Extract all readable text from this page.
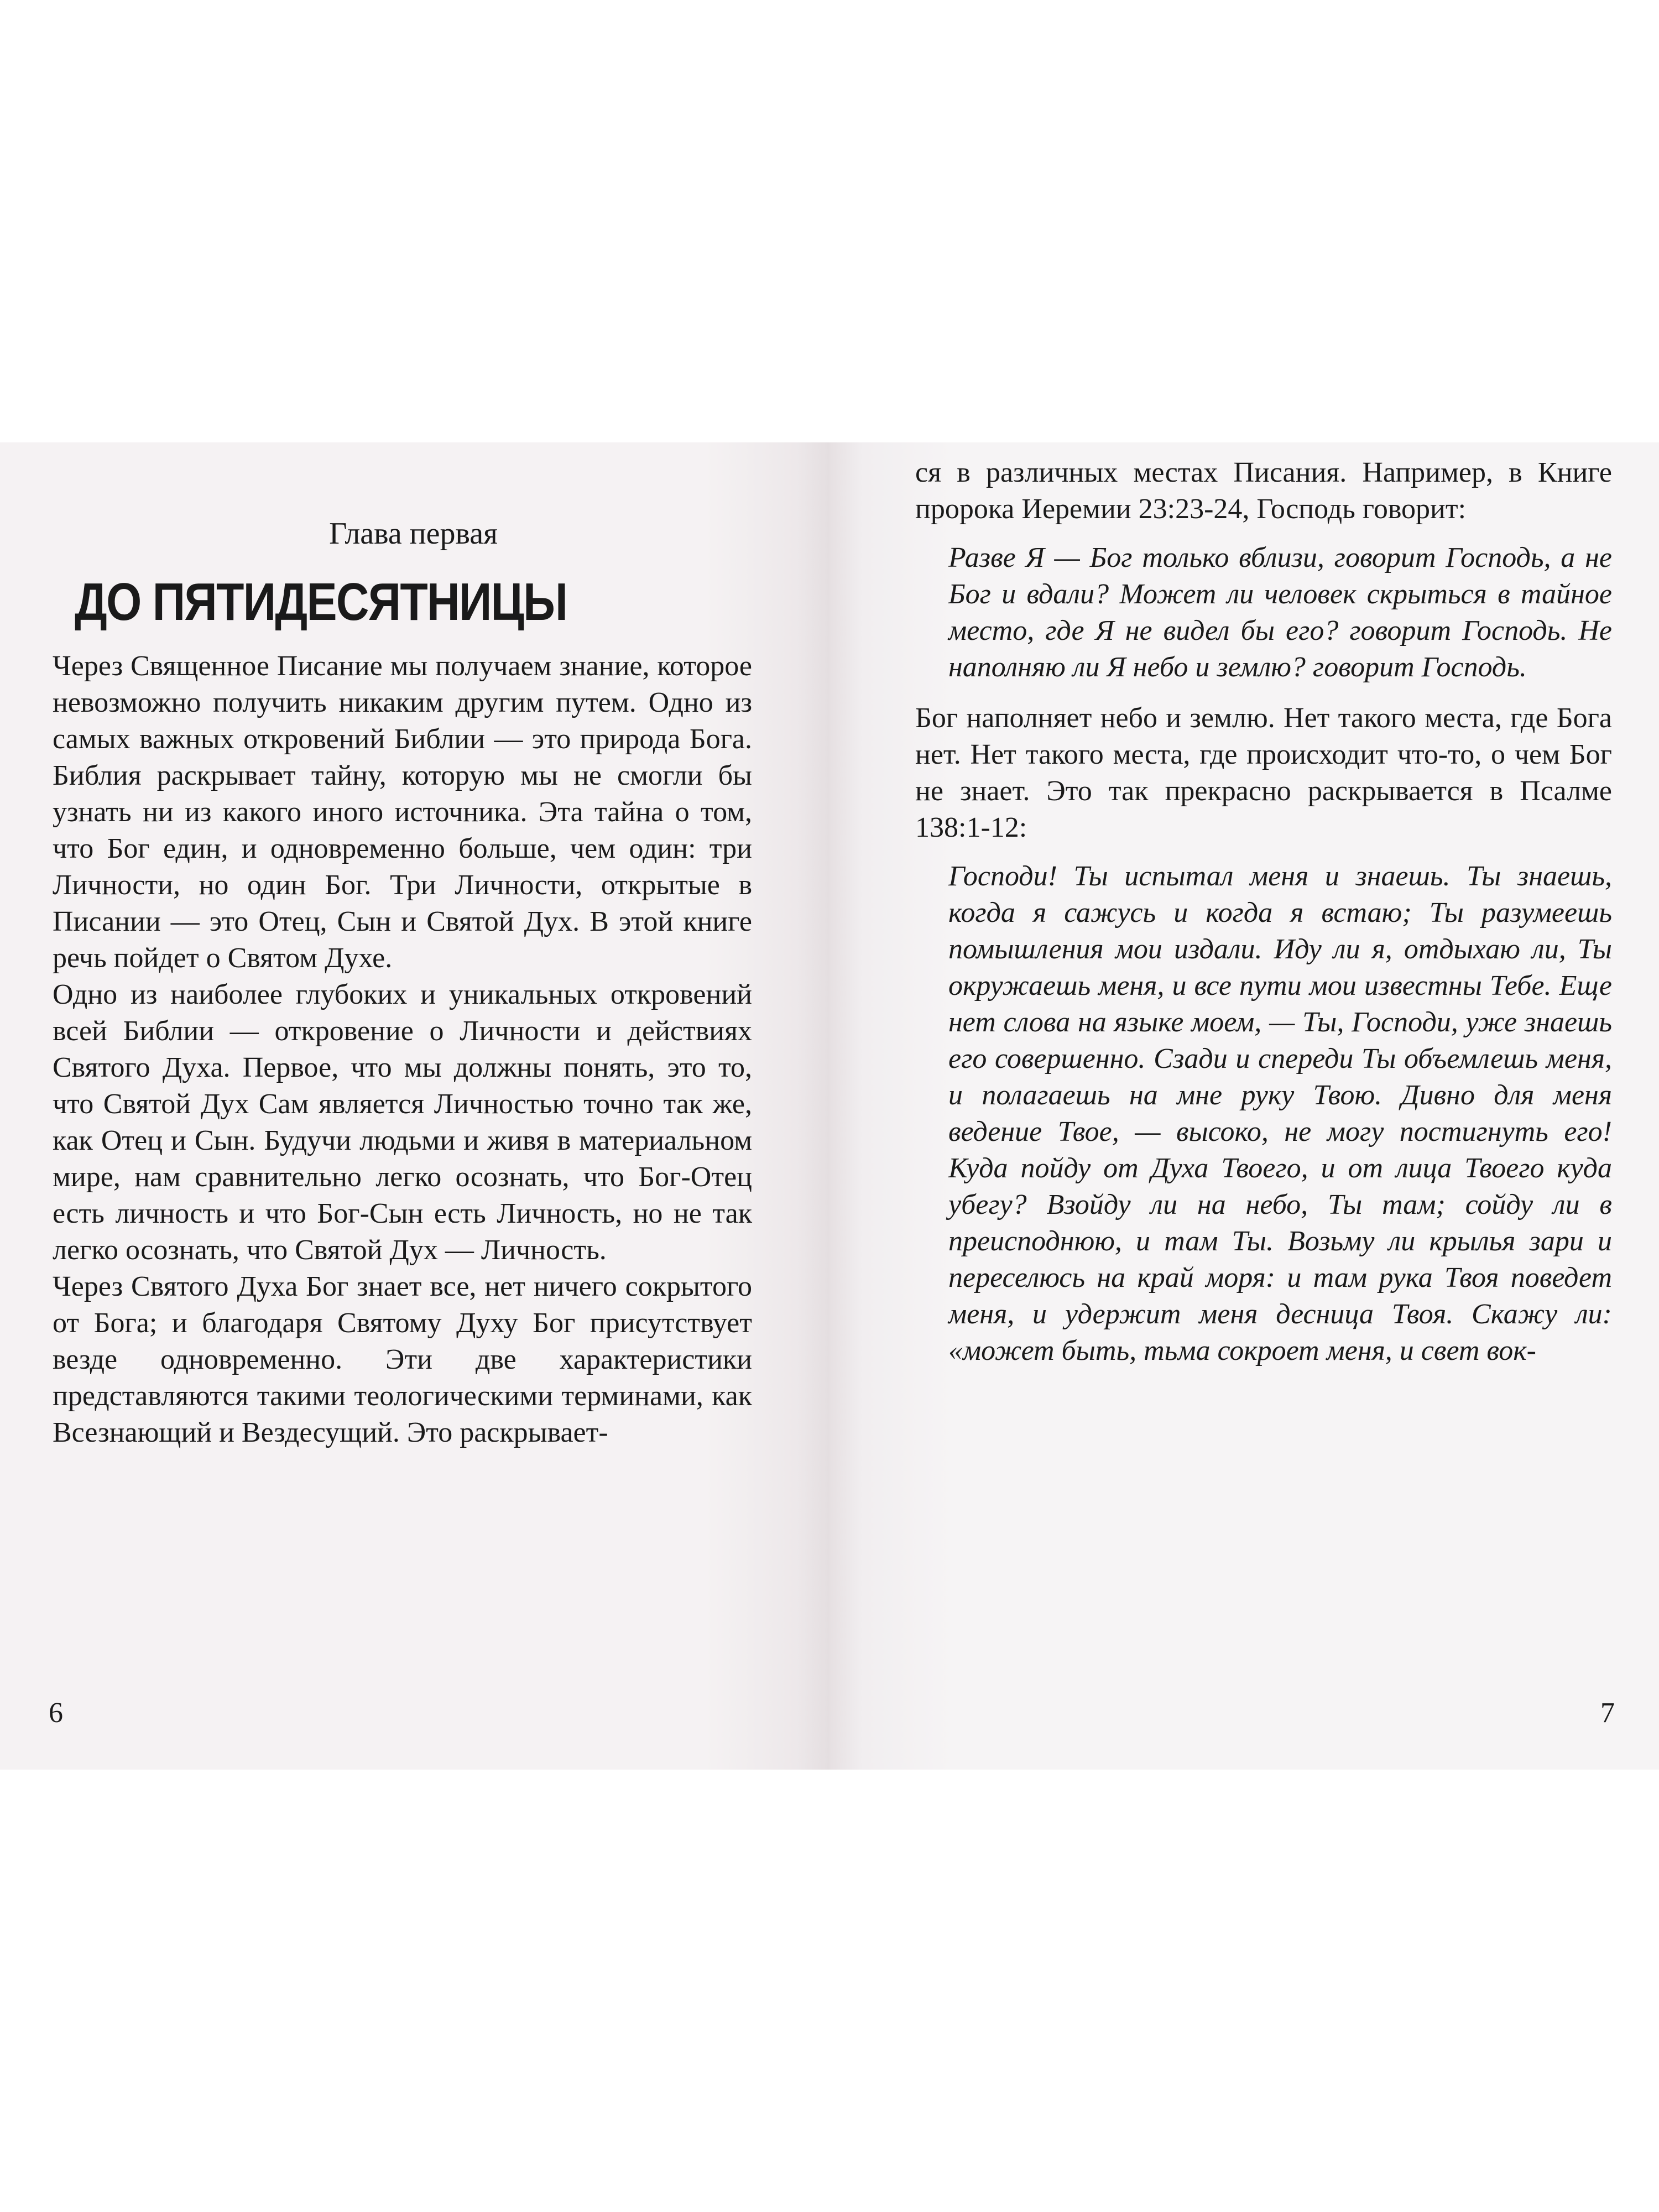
Глава первая
ДО ПЯТИДЕСЯТНИЦЫ

Через Священное Писание мы получаем знание, которое невозможно получить никаким другим путем. Одно из самых важных откровений Библии — это природа Бога. Библия раскрывает тайну, которую мы не смогли бы узнать ни из какого иного источника. Эта тайна о том, что Бог един, и одновременно больше, чем один: три Личности, но один Бог. Три Личности, открытые в Писании — это Отец, Сын и Святой Дух. В этой книге речь пойдет о Святом Духе.

Одно из наиболее глубоких и уникальных откровений всей Библии — откровение о Личности и действиях Святого Духа. Первое, что мы должны понять, это то, что Святой Дух Сам является Личностью точно так же, как Отец и Сын. Будучи людьми и живя в материальном мире, нам сравнительно легко осознать, что Бог-Отец есть личность и что Бог-Сын есть Личность, но не так легко осознать, что Святой Дух — Личность.

Через Святого Духа Бог знает все, нет ничего сокрытого от Бога; и благодаря Святому Духу Бог присутствует везде одновременно. Эти две характеристики представляются такими теологическими терминами, как Всезнающий и Вездесущий. Это раскрывает-

6

ся в различных местах Писания. Например, в Книге пророка Иеремии 23:23-24, Господь говорит:

Разве Я — Бог только вблизи, говорит Господь, а не Бог и вдали? Может ли человек скрыться в тайное место, где Я не видел бы его? говорит Господь. Не наполняю ли Я небо и землю? говорит Господь.

Бог наполняет небо и землю. Нет такого места, где Бога нет. Нет такого места, где происходит что-то, о чем Бог не знает. Это так прекрасно раскрывается в Псалме 138:1-12:

Господи! Ты испытал меня и знаешь. Ты знаешь, когда я сажусь и когда я встаю; Ты разумеешь помышления мои издали. Иду ли я, отдыхаю ли, Ты окружаешь меня, и все пути мои известны Тебе. Еще нет слова на языке моем, — Ты, Господи, уже знаешь его совершенно. Сзади и спереди Ты объемлешь меня, и полагаешь на мне руку Твою. Дивно для меня ведение Твое, — высоко, не могу постигнуть его! Куда пойду от Духа Твоего, и от лица Твоего куда убегу? Взойду ли на небо, Ты там; сойду ли в преисподнюю, и там Ты. Возьму ли крылья зари и переселюсь на край моря: и там рука Твоя поведет меня, и удержит меня десница Твоя. Скажу ли: «может быть, тьма сокроет меня, и свет вок-
7
